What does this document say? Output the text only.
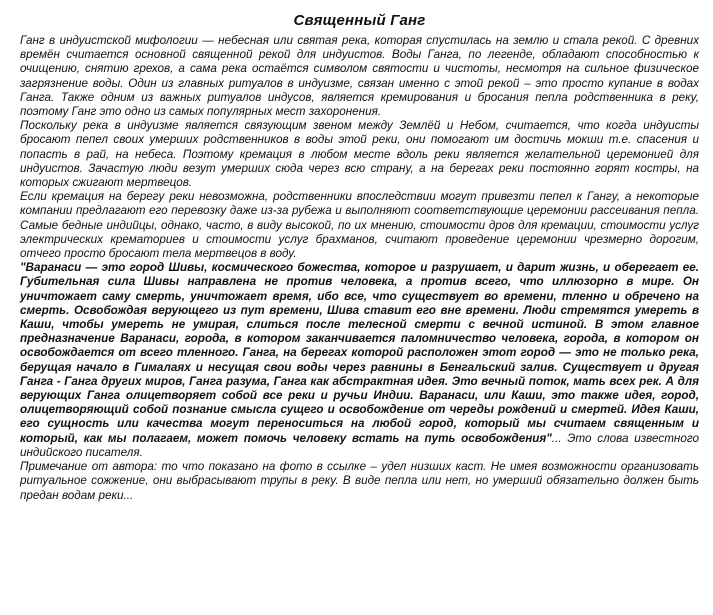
Священный Ганг

Ганг в индуистской мифологии — небесная или святая река, которая спустилась на землю и стала рекой. С древних времён считается основной священной рекой для индуистов. Воды Ганга, по легенде, обладают способностью к очищению, снятию грехов, а сама река остаётся символом святости и чистоты, несмотря на сильное физическое загрязнение воды. Один из главных ритуалов в индуизме, связан именно с этой рекой – это просто купание в водах Ганга. Также одним из важных ритуалов индусов, является кремирования и бросания пепла родственника в реку, поэтому Ганг это одно из самых популярных мест захоронения.

Поскольку река в индуизме является связующим звеном между Землёй и Небом, считается, что когда индуисты бросают пепел своих умерших родственников в воды этой реки, они помогают им достичь мокши т.е. спасения и попасть в рай, на небеса. Поэтому кремация в любом месте вдоль реки является желательной церемонией для индуистов. Зачастую люди везут умерших сюда через всю страну, а на берегах реки постоянно горят костры, на которых сжигают мертвецов.

Если кремация на берегу реки невозможна, родственники впоследствии могут привезти пепел к Гангу, а некоторые компании предлагают его перевозку даже из-за рубежа и выполняют соответствующие церемонии рассеивания пепла. Самые бедные индийцы, однако, часто, в виду высокой, по их мнению, стоимости дров для кремации, стоимости услуг электрических крематориев и стоимости услуг брахманов, считают проведение церемонии чрезмерно дорогим, отчего просто бросают тела мертвецов в воду.

"Варанаси — это город Шивы, космического божества, которое и разрушает, и дарит жизнь, и оберегает ее. Губительная сила Шивы направлена не против человека, а против всего, что иллюзорно в мире. Он уничтожает саму смерть, уничтожает время, ибо все, что существует во времени, тленно и обречено на смерть. Освобождая верующего из пут времени, Шива ставит его вне времени. Люди стремятся умереть в Каши, чтобы умереть не умирая, слиться после телесной смерти с вечной истиной. В этом главное предназначение Варанаси, города, в котором заканчивается паломничество человека, города, в котором он освобождается от всего тленного. Ганга, на берегах которой расположен этот город — это не только река, берущая начало в Гималаях и несущая свои воды через равнины в Бенгальский залив. Существует и другая Ганга - Ганга других миров, Ганга разума, Ганга как абстрактная идея. Это вечный поток, мать всех рек. А для верующих Ганга олицетворяет собой все реки и ручьи Индии. Варанаси, или Каши, это также идея, город, олицетворяющий собой познание смысла сущего и освобождение от череды рождений и смертей. Идея Каши, его сущность или качества могут переноситься на любой город, который мы считаем священным и который, как мы полагаем, может помочь человеку встать на путь освобождения"... Это слова известного индийского писателя.

Примечание от автора: то что показано на фото в ссылке – удел низших каст. Не имея возможности организовать ритуальное сожжение, они выбрасывают трупы в реку. В виде пепла или нет, но умерший обязательно должен быть предан водам реки...
